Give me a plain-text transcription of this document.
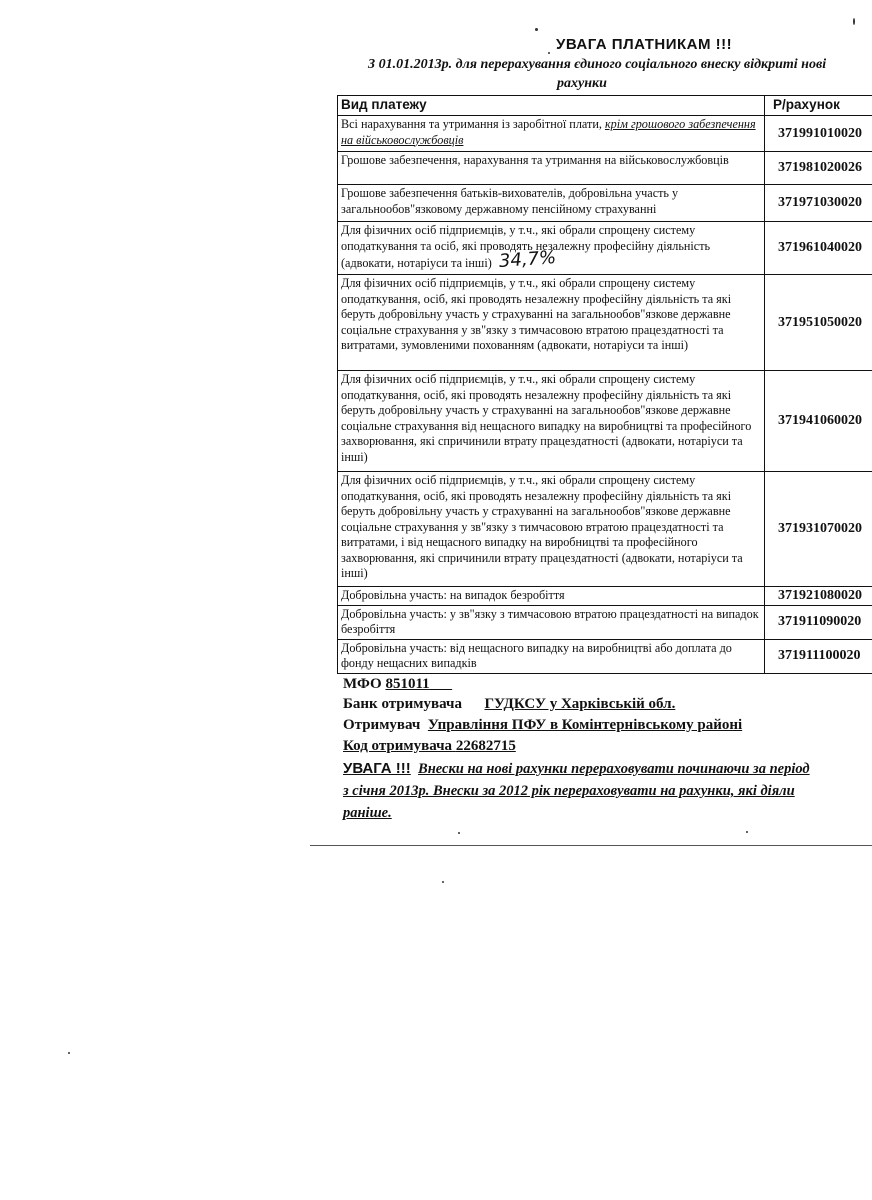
УВАГА ПЛАТНИКАМ !!!

З 01.01.2013р. для перерахування єдиного соціального внеску відкриті нові

рахунки

Вид платежу	Р/рахунок
Всі нарахування та утримання із заробітної плати, крім грошового забезпечення на військовослужбовців	371991010020
Грошове забезпечення, нарахування та утримання на військовослужбовців	371981020026
Грошове забезпечення батьків-вихователів, добровільна участь у загальнообов"язковому державному пенсійному страхуванні	371971030020
Для фізичних осіб підприємців, у т.ч., які обрали спрощену систему оподаткування та осіб, які проводять незалежну професійну діяльність (адвокати, нотаріуси та інші) 34,7%	371961040020
Для фізичних осіб підприємців, у т.ч., які обрали спрощену систему оподаткування, осіб, які проводять незалежну професійну діяльність та які беруть добровільну участь у страхуванні на загальнообов"язкове державне соціальне страхування у зв"язку з тимчасовою втратою працездатності та витратами, зумовленими похованням (адвокати, нотаріуси та інші)	371951050020
Для фізичних осіб підприємців, у т.ч., які обрали спрощену систему оподаткування, осіб, які проводять незалежну професійну діяльність та які беруть добровільну участь у страхуванні на загальнообов"язкове державне соціальне страхування від нещасного випадку на виробництві та професійного захворювання, які спричинили втрату працездатності (адвокати, нотаріуси та інші)	371941060020
Для фізичних осіб підприємців, у т.ч., які обрали спрощену систему оподаткування, осіб, які проводять незалежну професійну діяльність та які беруть добровільну участь у страхуванні на загальнообов"язкове державне соціальне страхування у зв"язку з тимчасовою втратою працездатності та витратами, і від нещасного випадку на виробництві та професійного захворювання, які спричинили втрату працездатності (адвокати, нотаріуси та інші)	371931070020
Добровільна участь: на випадок безробіття	371921080020
Добровільна участь: у зв"язку з тимчасовою втратою працездатності на випадок безробіття	371911090020
Добровільна участь: від нещасного випадку на виробництві або доплата до фонду нещасних випадків	371911100020

МФО 851011

Банк отримувача ГУДКСУ у Харківській обл.

Отримувач Управління ПФУ в Комінтернівському районі

Код отримувача 22682715

УВАГА !!! Внески на нові рахунки перераховувати починаючи за період

з січня 2013р. Внески за 2012 рік перераховувати на рахунки, які діяли

раніше.
